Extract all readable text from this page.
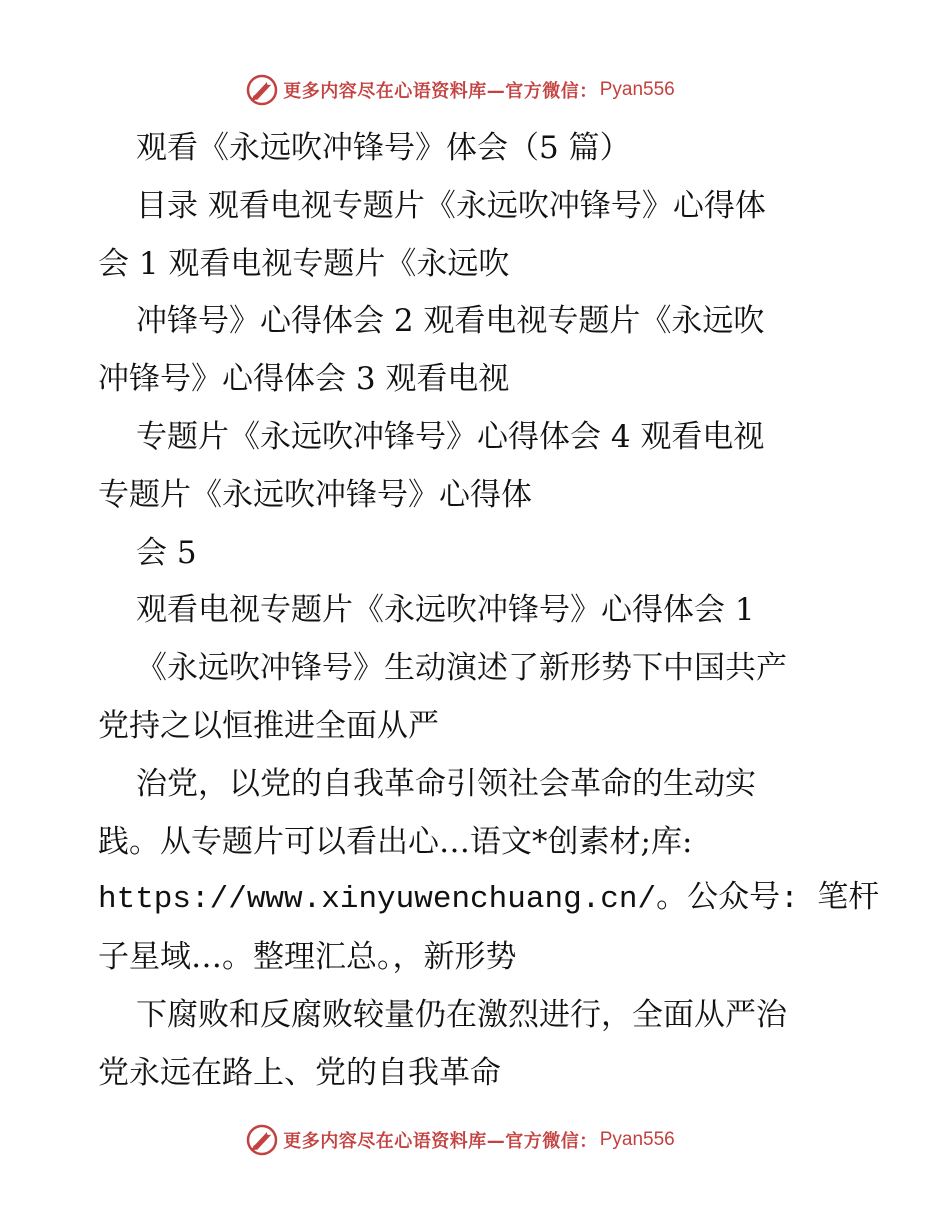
更多内容尽在心语资料库—官方微信： Pyan556
观看《永远吹冲锋号》体会（5 篇）
目录 观看电视专题片《永远吹冲锋号》心得体
会 1 观看电视专题片《永远吹
冲锋号》心得体会 2 观看电视专题片《永远吹
冲锋号》心得体会 3 观看电视
专题片《永远吹冲锋号》心得体会 4 观看电视
专题片《永远吹冲锋号》心得体
会 5
观看电视专题片《永远吹冲锋号》心得体会 1
《永远吹冲锋号》生动演述了新形势下中国共产
党持之以恒推进全面从严
治党，以党的自我革命引领社会革命的生动实
践。从专题片可以看出心…语文*创素材;库:
https://www.xinyuwenchuang.cn/。公众号: 笔杆
子星域…。整理汇总。，新形势
下腐败和反腐败较量仍在激烈进行，全面从严治
党永远在路上、党的自我革命
更多内容尽在心语资料库—官方微信： Pyan556
